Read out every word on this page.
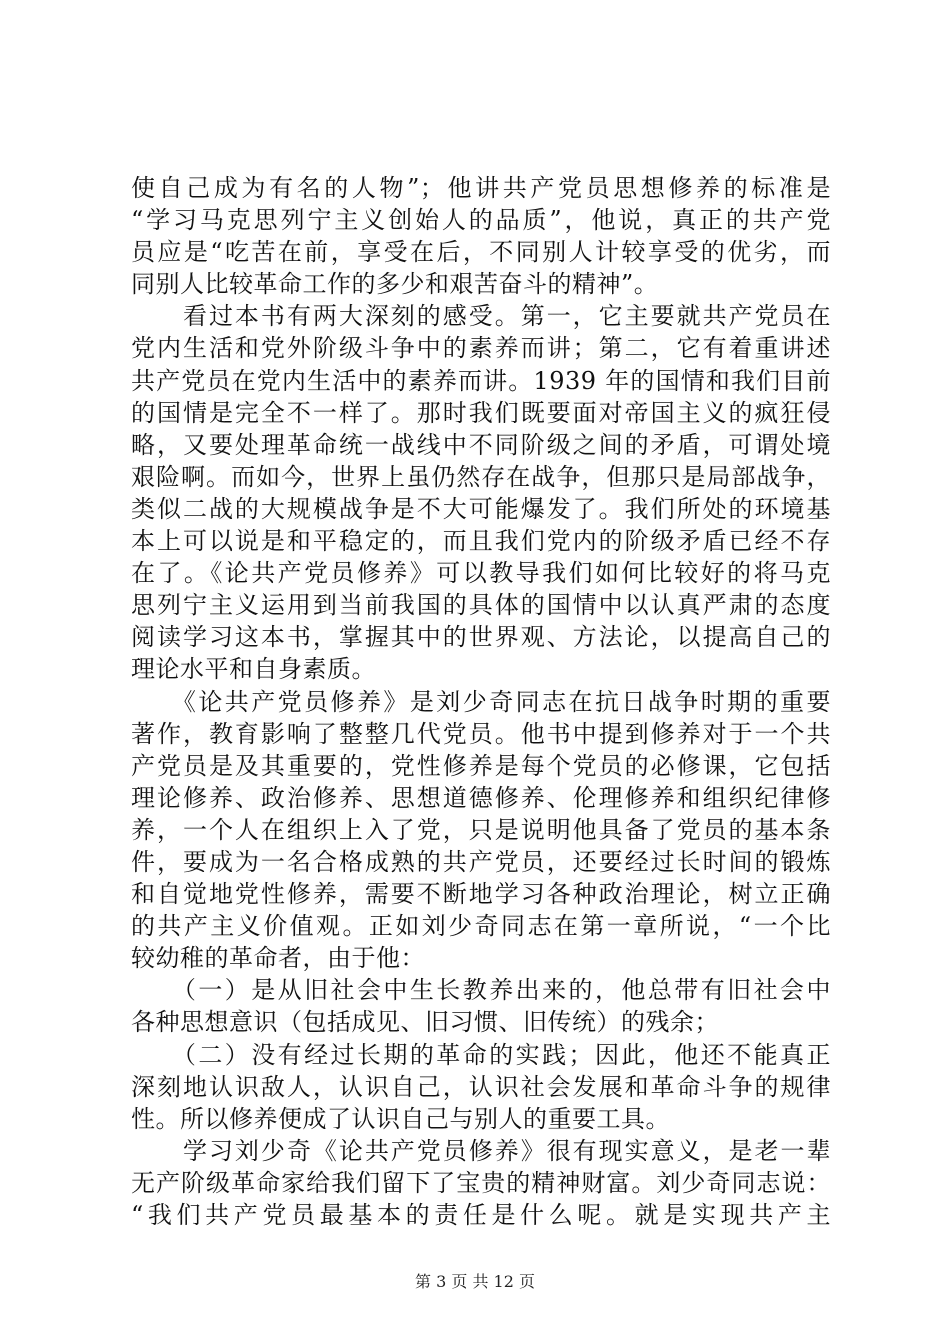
使自己成为有名的人物”；他讲共产党员思想修养的标准是
“学习马克思列宁主义创始人的品质”，他说，真正的共产党
员应是“吃苦在前，享受在后，不同别人计较享受的优劣，而
同别人比较革命工作的多少和艰苦奋斗的精神”。
　　看过本书有两大深刻的感受。第一，它主要就共产党员在
党内生活和党外阶级斗争中的素养而讲；第二，它有着重讲述
共产党员在党内生活中的素养而讲。1939 年的国情和我们目前
的国情是完全不一样了。那时我们既要面对帝国主义的疯狂侵
略，又要处理革命统一战线中不同阶级之间的矛盾，可谓处境
艰险啊。而如今，世界上虽仍然存在战争，但那只是局部战争，
类似二战的大规模战争是不大可能爆发了。我们所处的环境基
本上可以说是和平稳定的，而且我们党内的阶级矛盾已经不存
在了。《论共产党员修养》可以教导我们如何比较好的将马克
思列宁主义运用到当前我国的具体的国情中以认真严肃的态度
阅读学习这本书，掌握其中的世界观、方法论，以提高自己的
理论水平和自身素质。
　　《论共产党员修养》是刘少奇同志在抗日战争时期的重要
著作，教育影响了整整几代党员。他书中提到修养对于一个共
产党员是及其重要的，党性修养是每个党员的必修课，它包括
理论修养、政治修养、思想道德修养、伦理修养和组织纪律修
养，一个人在组织上入了党，只是说明他具备了党员的基本条
件，要成为一名合格成熟的共产党员，还要经过长时间的锻炼
和自觉地党性修养，需要不断地学习各种政治理论，树立正确
的共产主义价值观。正如刘少奇同志在第一章所说，“一个比
较幼稚的革命者，由于他：
　　（一）是从旧社会中生长教养出来的，他总带有旧社会中
各种思想意识（包括成见、旧习惯、旧传统）的残余；
　　（二）没有经过长期的革命的实践；因此，他还不能真正
深刻地认识敌人，认识自己，认识社会发展和革命斗争的规律
性。所以修养便成了认识自己与别人的重要工具。
　　学习刘少奇《论共产党员修养》很有现实意义，是老一辈
无产阶级革命家给我们留下了宝贵的精神财富。刘少奇同志说：
“我们共产党员最基本的责任是什么呢。就是实现共产主
第 3 页 共 12 页
